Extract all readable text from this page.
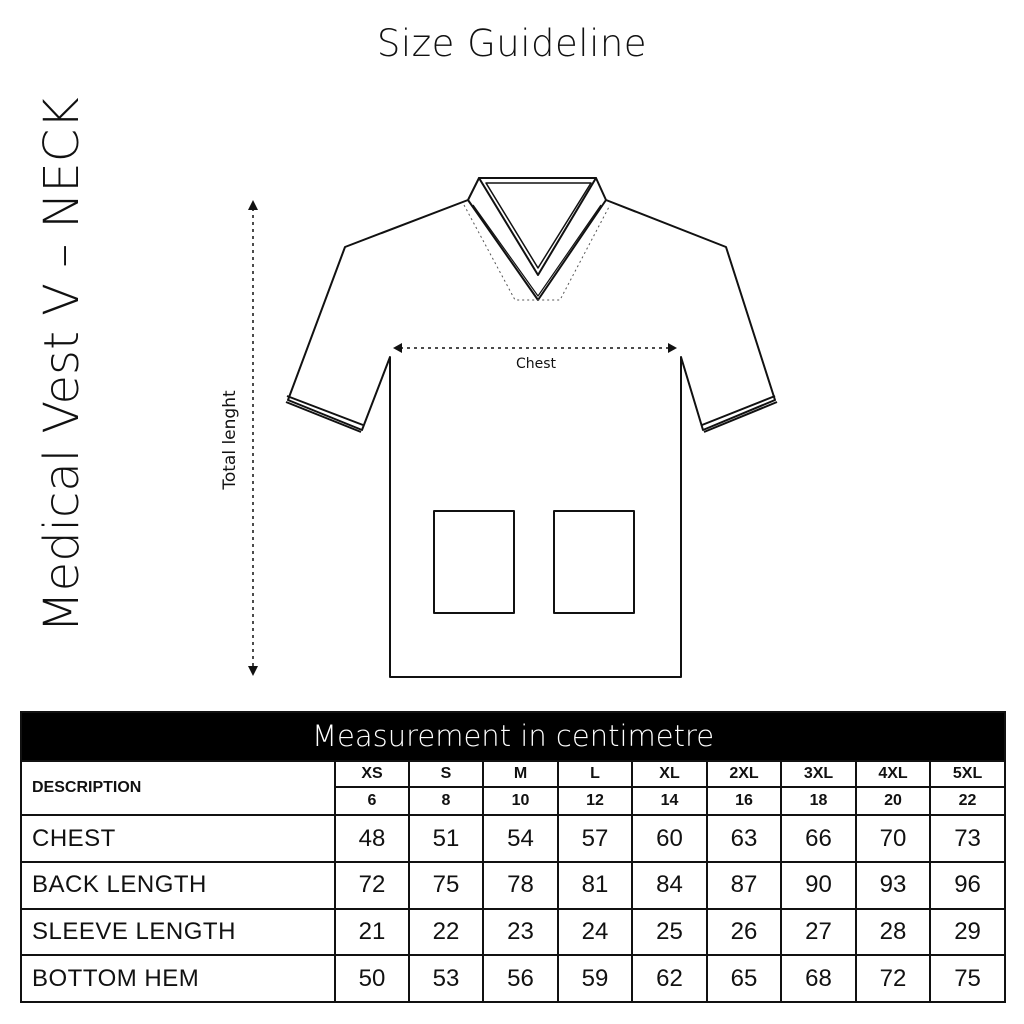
Size Guideline
Medical Vest V – NECK	Chest
Total lenght
Measurement in centimetre									
DESCRIPTION	XS	S	M	L	XL	2XL	3XL	4XL	5XL
	6	8	10	12	14	16	18	20	22
CHEST	48	51	54	57	60	63	66	70	73
BACK LENGTH	72	75	78	81	84	87	90	93	96
SLEEVE LENGTH	21	22	23	24	25	26	27	28	29
BOTTOM HEM	50	53	56	59	62	65	68	72	75
